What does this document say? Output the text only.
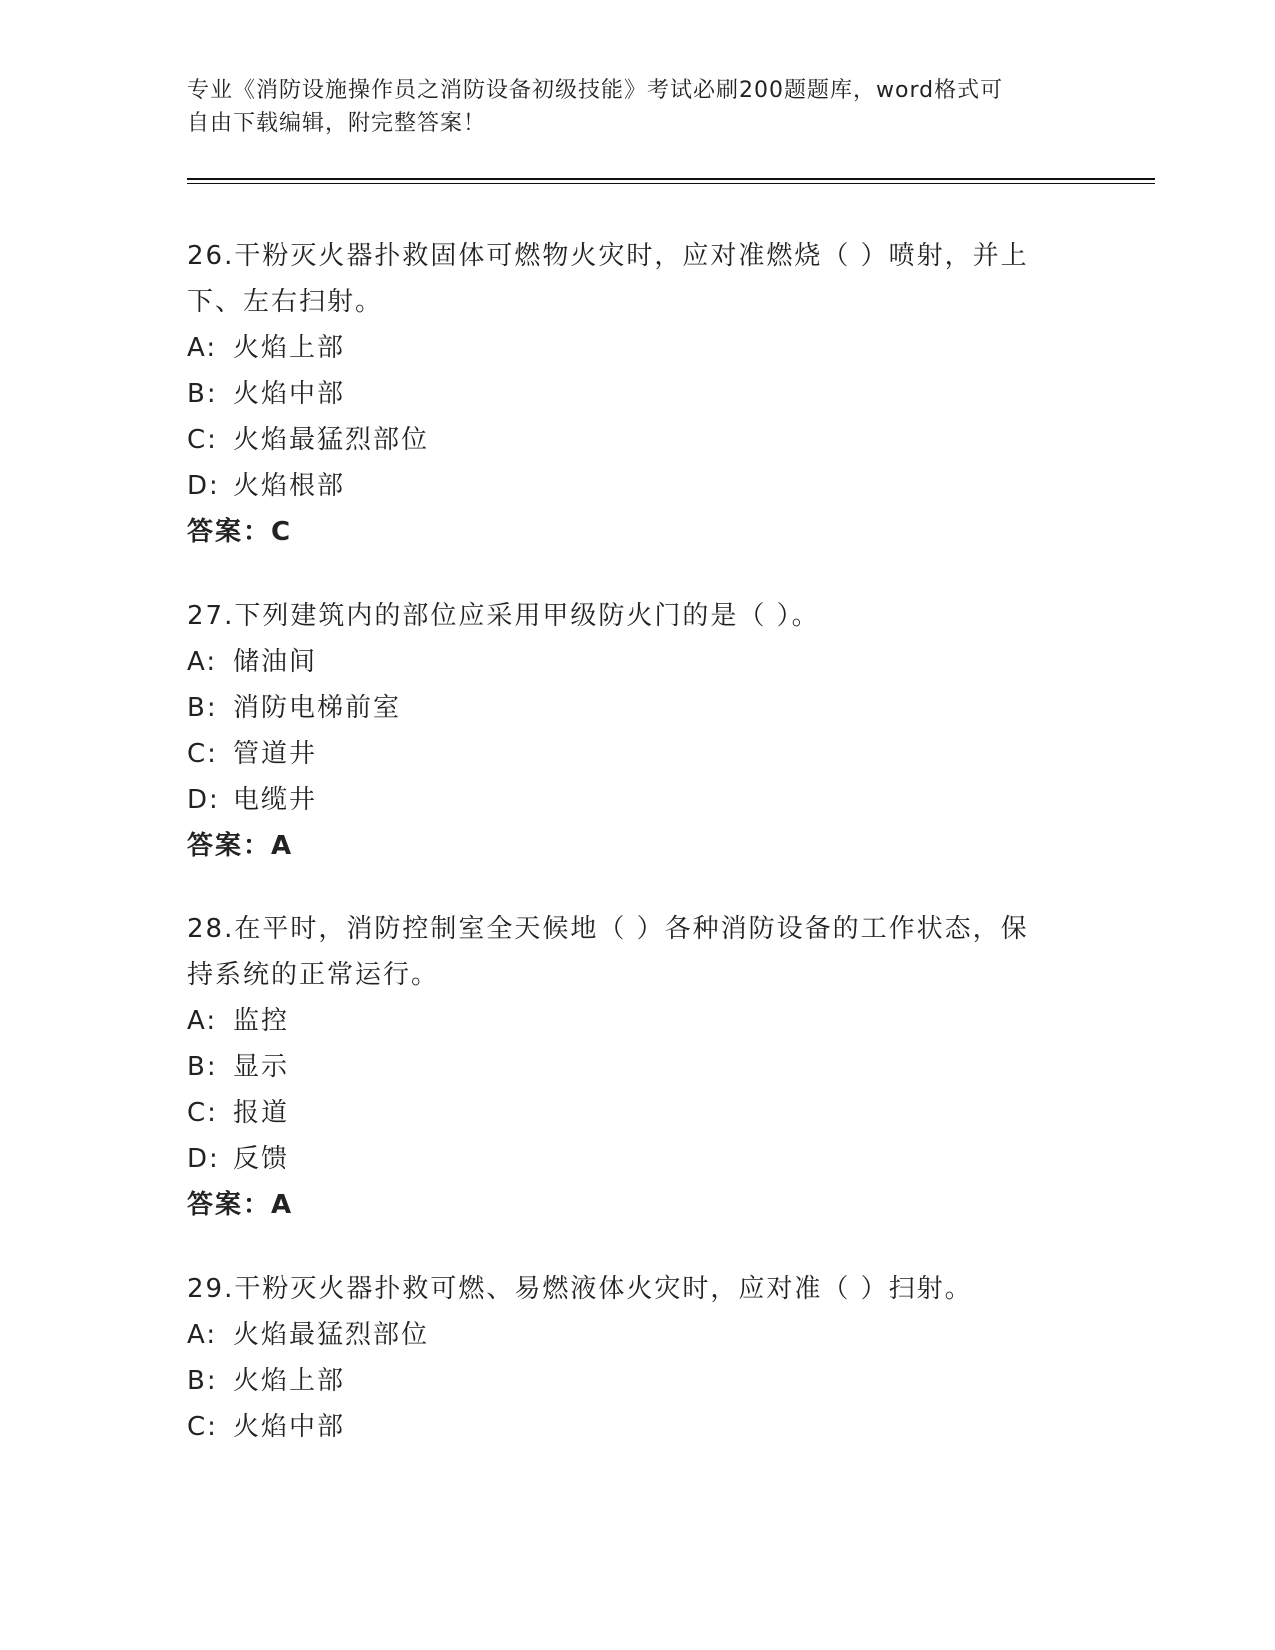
专业《消防设施操作员之消防设备初级技能》考试必刷200题题库，word格式可
自由下载编辑，附完整答案！
26.干粉灭火器扑救固体可燃物火灾时，应对准燃烧（ ）喷射，并上
下、左右扫射。
A: 火焰上部
B: 火焰中部
C: 火焰最猛烈部位
D: 火焰根部
答案：C
27.下列建筑内的部位应采用甲级防火门的是（ ）。
A: 储油间
B: 消防电梯前室
C: 管道井
D: 电缆井
答案：A
28.在平时，消防控制室全天候地（ ）各种消防设备的工作状态，保
持系统的正常运行。
A: 监控
B: 显示
C: 报道
D: 反馈
答案：A
29.干粉灭火器扑救可燃、易燃液体火灾时，应对准（ ）扫射。
A: 火焰最猛烈部位
B: 火焰上部
C: 火焰中部
